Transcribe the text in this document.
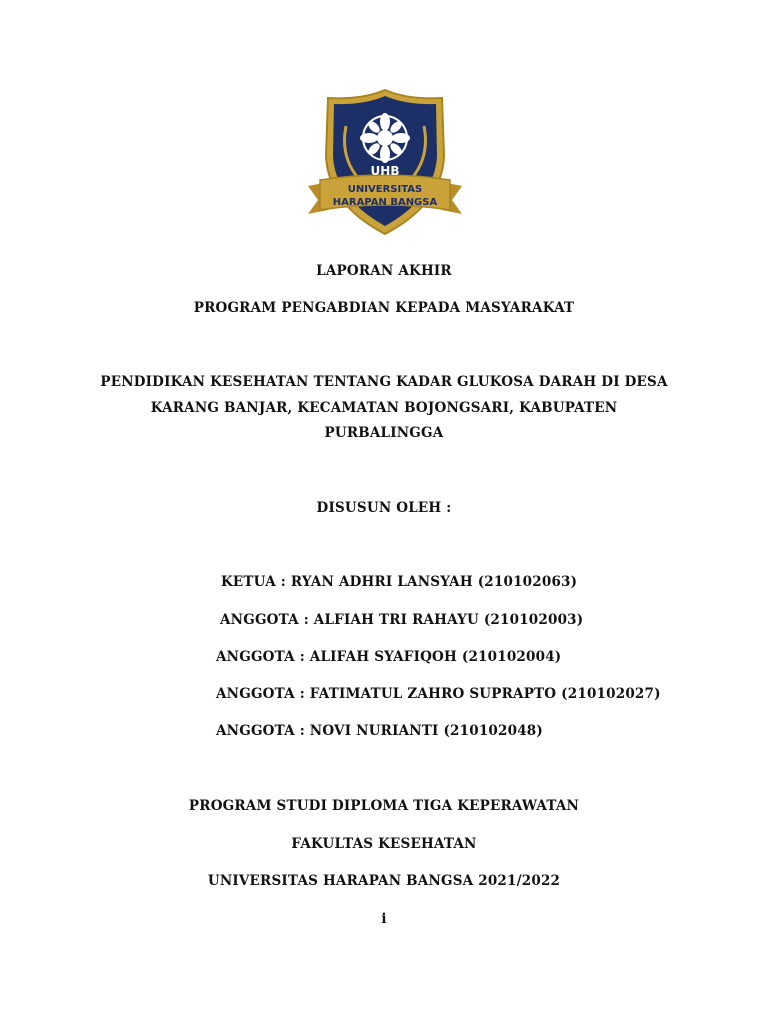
UHB
UNIVERSITAS
HARAPAN BANGSA
LAPORAN AKHIR
PROGRAM PENGABDIAN KEPADA MASYARAKAT
PENDIDIKAN KESEHATAN TENTANG KADAR GLUKOSA DARAH DI DESA
KARANG BANJAR, KECAMATAN BOJONGSARI, KABUPATEN
PURBALINGGA
DISUSUN OLEH :
KETUA : RYAN ADHRI LANSYAH (210102063)
ANGGOTA : ALFIAH TRI RAHAYU (210102003)
ANGGOTA : ALIFAH SYAFIQOH (210102004)
ANGGOTA : FATIMATUL ZAHRO SUPRAPTO (210102027)
ANGGOTA : NOVI NURIANTI (210102048)
PROGRAM STUDI DIPLOMA TIGA KEPERAWATAN
FAKULTAS KESEHATAN
UNIVERSITAS HARAPAN BANGSA 2021/2022
i
